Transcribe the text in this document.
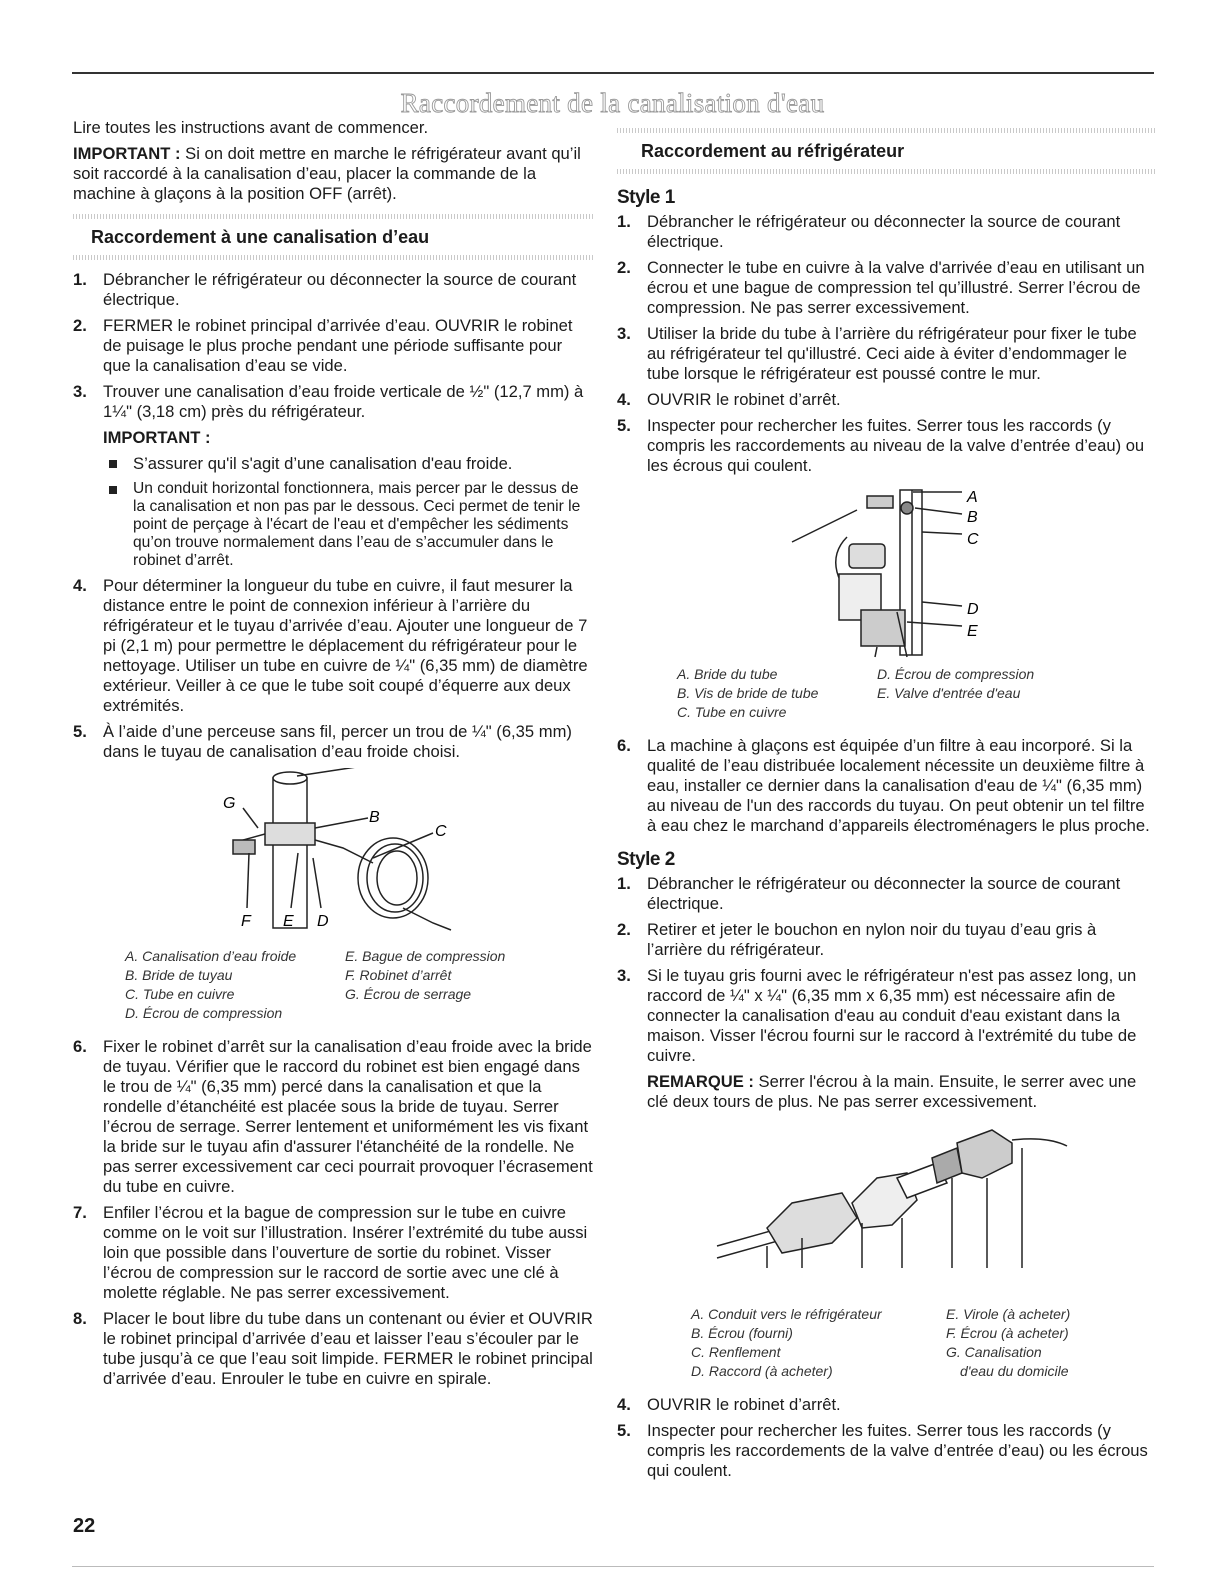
Raccordement de la canalisation d'eau

Lire toutes les instructions avant de commencer.

IMPORTANT : Si on doit mettre en marche le réfrigérateur avant qu’il soit raccordé à la canalisation d’eau, placer la commande de la machine à glaçons à la position OFF (arrêt).

Raccordement à une canalisation d’eau
1. Débrancher le réfrigérateur ou déconnecter la source de courant électrique.
2. FERMER le robinet principal d’arrivée d’eau. OUVRIR le robinet de puisage le plus proche pendant une période suffisante pour que la canalisation d’eau se vide.
3. Trouver une canalisation d’eau froide verticale de ½" (12,7 mm) à 1¼" (3,18 cm) près du réfrigérateur.
IMPORTANT :
S’assurer qu'il s'agit d’une canalisation d'eau froide.
Un conduit horizontal fonctionnera, mais percer par le dessus de la canalisation et non pas par le dessous. Ceci permet de tenir le point de perçage à l'écart de l'eau et d'empêcher les sédiments qu’on trouve normalement dans l’eau de s’accumuler dans le robinet d’arrêt.
4. Pour déterminer la longueur du tube en cuivre, il faut mesurer la distance entre le point de connexion inférieur à l’arrière du réfrigérateur et le tuyau d’arrivée d’eau. Ajouter une longueur de 7 pi (2,1 m) pour permettre le déplacement du réfrigérateur pour le nettoyage. Utiliser un tube en cuivre de ¼" (6,35 mm) de diamètre extérieur. Veiller à ce que le tube soit coupé d’équerre aux deux extrémités.
5. À l’aide d’une perceuse sans fil, percer un trou de ¼" (6,35 mm) dans le tuyau de canalisation d’eau froide choisi.
B
C
D
E
F
G
A. Canalisation d’eau froide	E. Bague de compression
B. Bride de tuyau	F. Robinet d’arrêt
C. Tube en cuivre	G. Écrou de serrage
D. Écrou de compression
6. Fixer le robinet d’arrêt sur la canalisation d’eau froide avec la bride de tuyau. Vérifier que le raccord du robinet est bien engagé dans le trou de ¼" (6,35 mm) percé dans la canalisation et que la rondelle d’étanchéité est placée sous la bride de tuyau. Serrer l’écrou de serrage. Serrer lentement et uniformément les vis fixant la bride sur le tuyau afin d'assurer l'étanchéité de la rondelle. Ne pas serrer excessivement car ceci pourrait provoquer l’écrasement du tube en cuivre.
7. Enfiler l’écrou et la bague de compression sur le tube en cuivre comme on le voit sur l’illustration. Insérer l’extrémité du tube aussi loin que possible dans l’ouverture de sortie du robinet. Visser l’écrou de compression sur le raccord de sortie avec une clé à molette réglable. Ne pas serrer excessivement.
8. Placer le bout libre du tube dans un contenant ou évier et OUVRIR le robinet principal d’arrivée d’eau et laisser l’eau s’écouler par le tube jusqu’à ce que l’eau soit limpide. FERMER le robinet principal d’arrivée d’eau. Enrouler le tube en cuivre en spirale.
Raccordement au réfrigérateur
Style 1
1. Débrancher le réfrigérateur ou déconnecter la source de courant électrique.
2. Connecter le tube en cuivre à la valve d'arrivée d’eau en utilisant un écrou et une bague de compression tel qu’illustré. Serrer l’écrou de compression. Ne pas serrer excessivement.
3. Utiliser la bride du tube à l’arrière du réfrigérateur pour fixer le tube au réfrigérateur tel qu'illustré. Ceci aide à éviter d’endommager le tube lorsque le réfrigérateur est poussé contre le mur.
4. OUVRIR le robinet d’arrêt.
5. Inspecter pour rechercher les fuites. Serrer tous les raccords (y compris les raccordements au niveau de la valve d’entrée d’eau) ou les écrous qui coulent.
A
B
C
D
E
A. Bride du tube	D. Écrou de compression
B. Vis de bride de tube	E. Valve d'entrée d'eau
C. Tube en cuivre
6. La machine à glaçons est équipée d’un filtre à eau incorporé. Si la qualité de l’eau distribuée localement nécessite un deuxième filtre à eau, installer ce dernier dans la canalisation d'eau de ¼" (6,35 mm) au niveau de l'un des raccords du tuyau. On peut obtenir un tel filtre à eau chez le marchand d’appareils électroménagers le plus proche.
Style 2
1. Débrancher le réfrigérateur ou déconnecter la source de courant électrique.
2. Retirer et jeter le bouchon en nylon noir du tuyau d’eau gris à l’arrière du réfrigérateur.
3. Si le tuyau gris fourni avec le réfrigérateur n'est pas assez long, un raccord de ¼" x ¼" (6,35 mm x 6,35 mm) est nécessaire afin de connecter la canalisation d'eau au conduit d'eau existant dans la maison. Visser l'écrou fourni sur le raccord à l'extrémité du tube de cuivre.

REMARQUE : Serrer l'écrou à la main. Ensuite, le serrer avec une clé deux tours de plus. Ne pas serrer excessivement.

A. Conduit vers le réfrigérateur	E. Virole (à acheter)
B. Écrou (fourni)	F. Écrou (à acheter)
C. Renflement	G. Canalisation
D. Raccord (à acheter)	d'eau du domicile
4. OUVRIR le robinet d’arrêt.
5. Inspecter pour rechercher les fuites. Serrer tous les raccords (y compris les raccordements de la valve d’entrée d’eau) ou les écrous qui coulent.
22
